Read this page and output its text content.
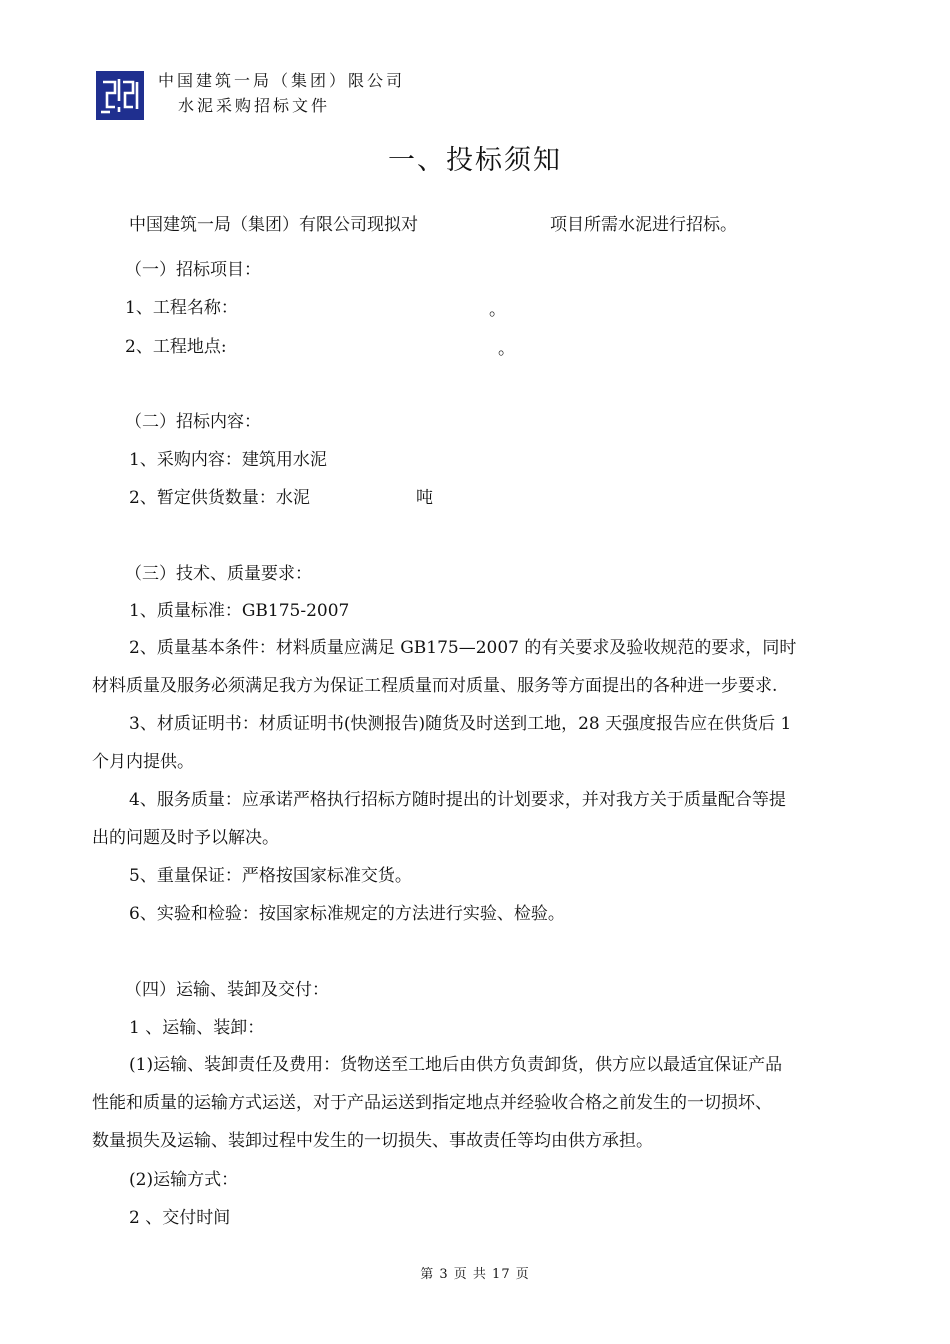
中国建筑一局（集团）限公司
水泥采购招标文件
一、投标须知
中国建筑一局（集团）有限公司现拟对	项目所需水泥进行招标。
（一）招标项目：
1、工程名称：	。
2、工程地点:	。
（二）招标内容：
1、采购内容：建筑用水泥
2、暂定供货数量：水泥	吨
（三）技术、质量要求：
1、质量标准：GB175-2007
2、质量基本条件：材料质量应满足 GB175—2007 的有关要求及验收规范的要求，同时
材料质量及服务必须满足我方为保证工程质量而对质量、服务等方面提出的各种进一步要求.
3、材质证明书：材质证明书(快测报告)随货及时送到工地，28 天强度报告应在供货后 1
个月内提供。
4、服务质量：应承诺严格执行招标方随时提出的计划要求，并对我方关于质量配合等提
出的问题及时予以解决。
5、重量保证：严格按国家标准交货。
6、实验和检验：按国家标准规定的方法进行实验、检验。
（四）运输、装卸及交付：
1 、运输、装卸：
(1)运输、装卸责任及费用：货物送至工地后由供方负责卸货，供方应以最适宜保证产品
性能和质量的运输方式运送，对于产品运送到指定地点并经验收合格之前发生的一切损坏、
数量损失及运输、装卸过程中发生的一切损失、事故责任等均由供方承担。
(2)运输方式：
2 、交付时间
第 3 页 共 17 页
